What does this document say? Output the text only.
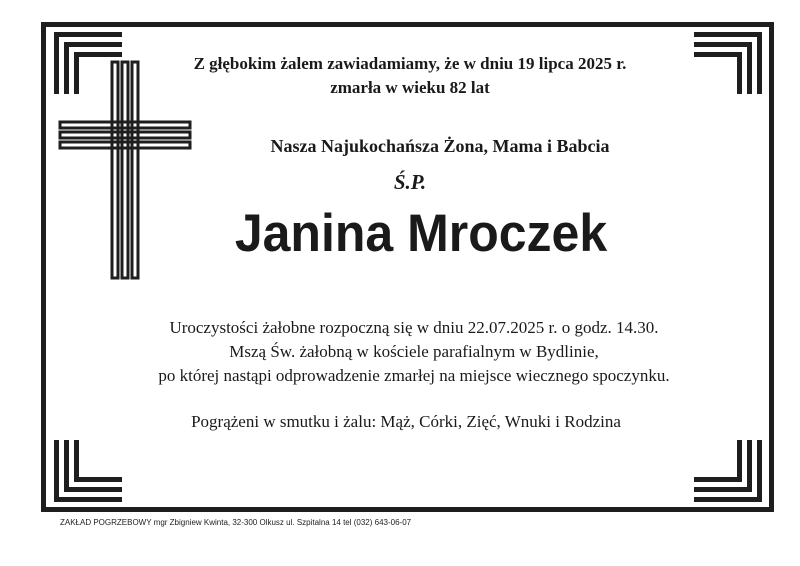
Z głębokim żalem zawiadamiamy, że w dniu 19 lipca 2025 r.
zmarła w wieku 82 lat
Nasza Najukochańsza Żona, Mama i Babcia
Ś.P.
Janina Mroczek
Uroczystości żałobne rozpoczną się w dniu 22.07.2025 r. o godz. 14.30.
Mszą Św. żałobną w kościele parafialnym w Bydlinie,
po której nastąpi odprowadzenie zmarłej na miejsce wiecznego spoczynku.
Pogrążeni w smutku i żalu: Mąż, Córki, Zięć, Wnuki i Rodzina
ZAKŁAD POGRZEBOWY mgr Zbigniew Kwinta, 32-300 Olkusz ul. Szpitalna 14 tel (032) 643-06-07
